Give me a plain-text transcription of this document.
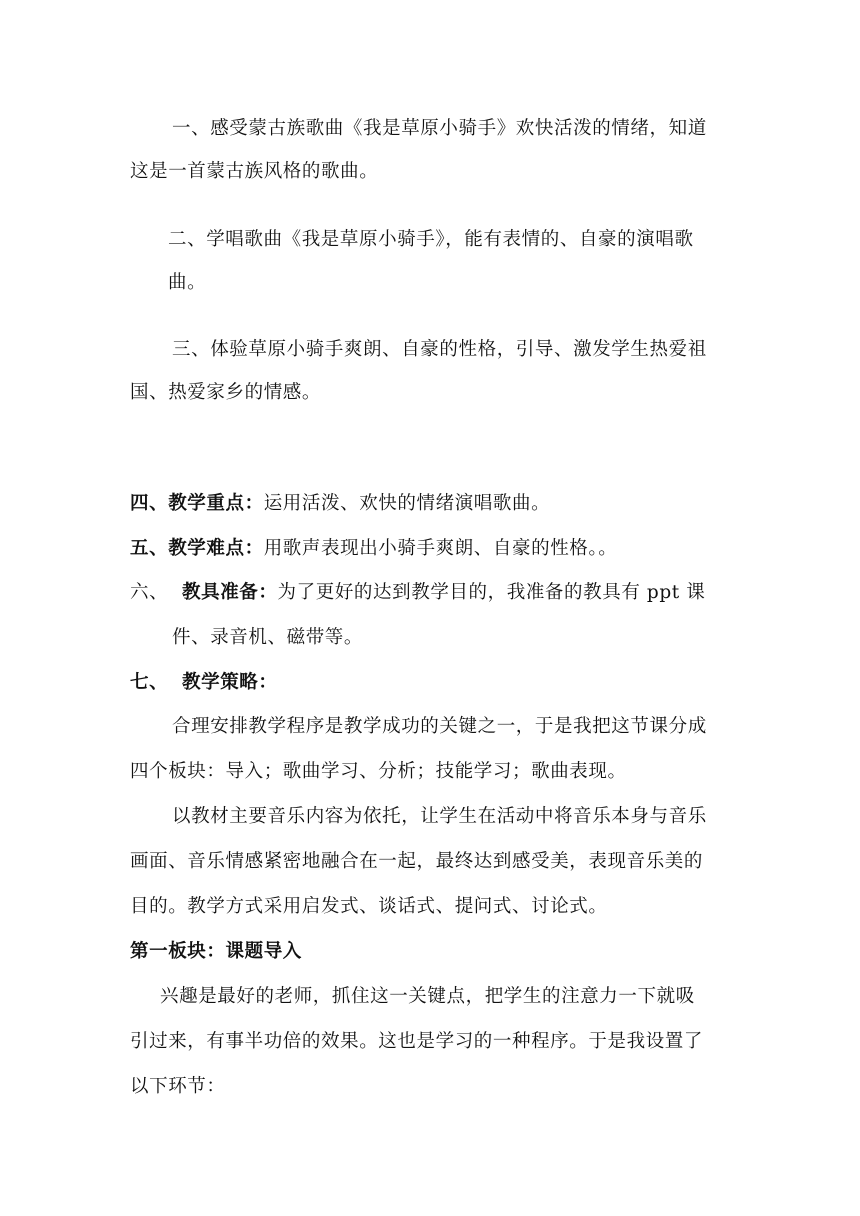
一、感受蒙古族歌曲《我是草原小骑手》欢快活泼的情绪，知道
这是一首蒙古族风格的歌曲。
二、学唱歌曲《我是草原小骑手》，能有表情的、自豪的演唱歌
曲。
三、体验草原小骑手爽朗、自豪的性格，引导、激发学生热爱祖
国、热爱家乡的情感。
四、教学重点：运用活泼、欢快的情绪演唱歌曲。
五、教学难点：用歌声表现出小骑手爽朗、自豪的性格。。
六、 教具准备：为了更好的达到教学目的，我准备的教具有 ppt 课
件、录音机、磁带等。
七、 教学策略：
合理安排教学程序是教学成功的关键之一，于是我把这节课分成
四个板块：导入；歌曲学习、分析；技能学习；歌曲表现。
以教材主要音乐内容为依托，让学生在活动中将音乐本身与音乐
画面、音乐情感紧密地融合在一起，最终达到感受美，表现音乐美的
目的。教学方式采用启发式、谈话式、提问式、讨论式。
第一板块：课题导入
兴趣是最好的老师，抓住这一关键点，把学生的注意力一下就吸
引过来，有事半功倍的效果。这也是学习的一种程序。于是我设置了
以下环节：
